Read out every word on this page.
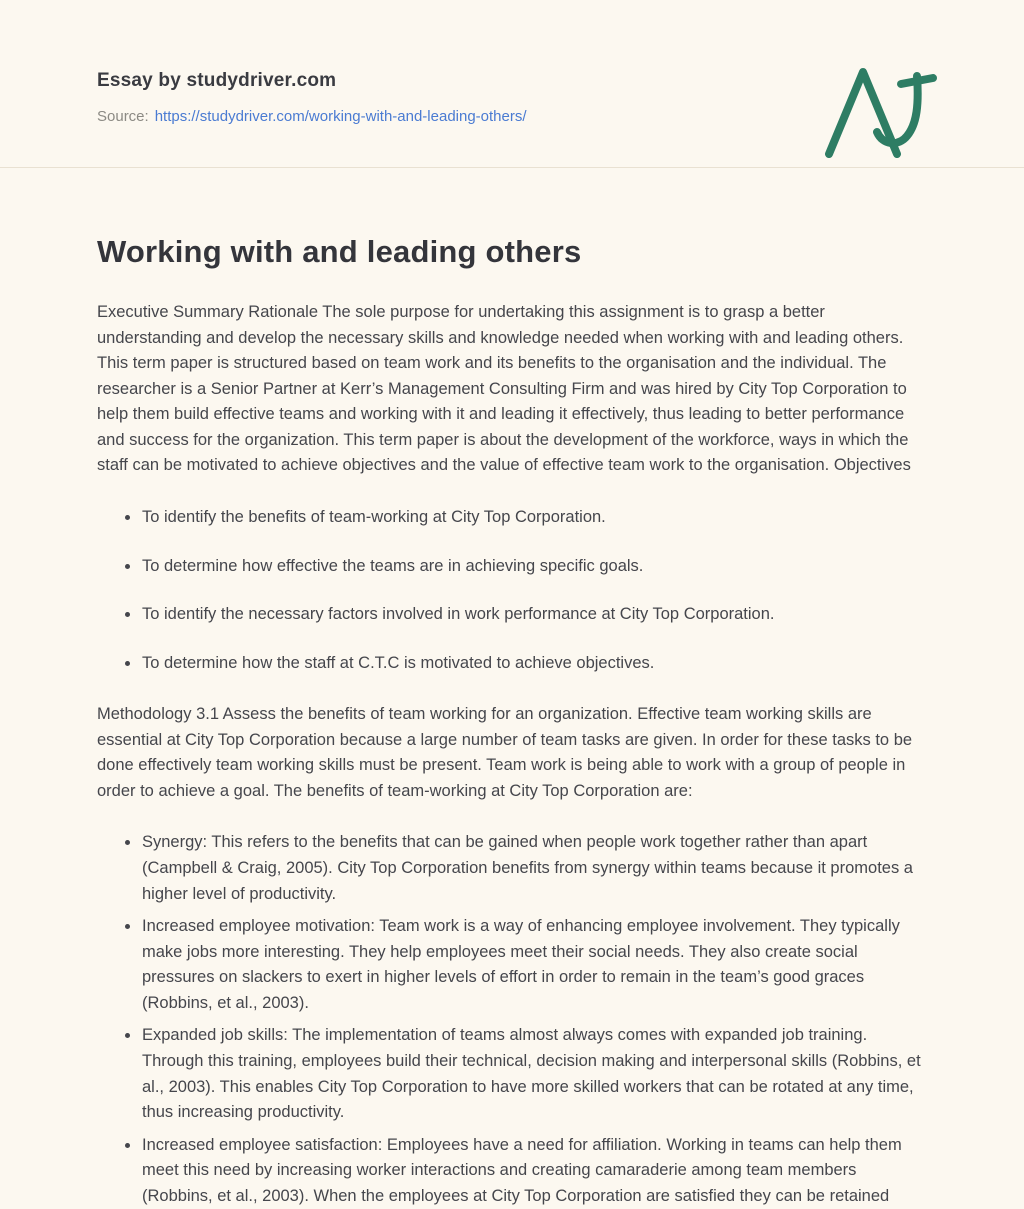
Essay by studydriver.com
Source: https://studydriver.com/working-with-and-leading-others/
Working with and leading others

Executive Summary Rationale The sole purpose for undertaking this assignment is to grasp a better understanding and develop the necessary skills and knowledge needed when working with and leading others. This term paper is structured based on team work and its benefits to the organisation and the individual. The researcher is a Senior Partner at Kerr’s Management Consulting Firm and was hired by City Top Corporation to help them build effective teams and working with it and leading it effectively, thus leading to better performance and success for the organization. This term paper is about the development of the workforce, ways in which the staff can be motivated to achieve objectives and the value of effective team work to the organisation. Objectives

To identify the benefits of team-working at City Top Corporation.
To determine how effective the teams are in achieving specific goals.
To identify the necessary factors involved in work performance at City Top Corporation.
To determine how the staff at C.T.C is motivated to achieve objectives.

Methodology 3.1 Assess the benefits of team working for an organization. Effective team working skills are essential at City Top Corporation because a large number of team tasks are given. In order for these tasks to be done effectively team working skills must be present. Team work is being able to work with a group of people in order to achieve a goal. The benefits of team-working at City Top Corporation are:

Synergy: This refers to the benefits that can be gained when people work together rather than apart (Campbell & Craig, 2005). City Top Corporation benefits from synergy within teams because it promotes a higher level of productivity.
Increased employee motivation: Team work is a way of enhancing employee involvement. They typically make jobs more interesting. They help employees meet their social needs. They also create social pressures on slackers to exert in higher levels of effort in order to remain in the team’s good graces (Robbins, et al., 2003).
Expanded job skills: The implementation of teams almost always comes with expanded job training. Through this training, employees build their technical, decision making and interpersonal skills (Robbins, et al., 2003). This enables City Top Corporation to have more skilled workers that can be rotated at any time, thus increasing productivity.
Increased employee satisfaction: Employees have a need for affiliation. Working in teams can help them meet this need by increasing worker interactions and creating camaraderie among team members (Robbins, et al., 2003). When the employees at City Top Corporation are satisfied they can be retained
